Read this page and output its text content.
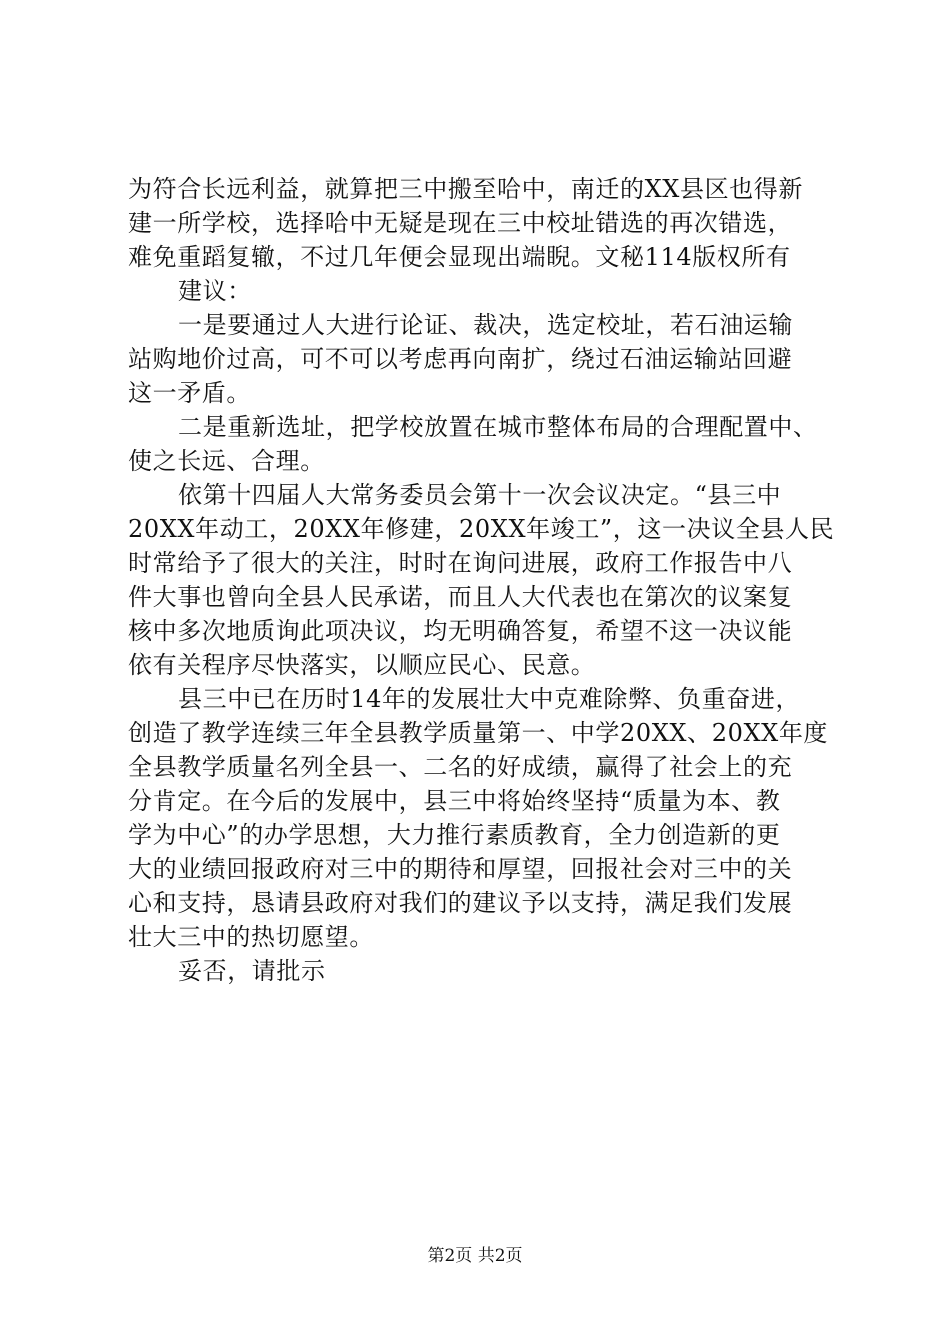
为符合长远利益，就算把三中搬至哈中，南迁的XX县区也得新
建一所学校，选择哈中无疑是现在三中校址错选的再次错选，
难免重蹈复辙，不过几年便会显现出端睨。文秘114版权所有
建议：
一是要通过人大进行论证、裁决，选定校址，若石油运输
站购地价过高，可不可以考虑再向南扩，绕过石油运输站回避
这一矛盾。
二是重新选址，把学校放置在城市整体布局的合理配置中、
使之长远、合理。
依第十四届人大常务委员会第十一次会议决定。“县三中
20XX年动工，20XX年修建，20XX年竣工”，这一决议全县人民
时常给予了很大的关注，时时在询问进展，政府工作报告中八
件大事也曾向全县人民承诺，而且人大代表也在第次的议案复
核中多次地质询此项决议，均无明确答复，希望不这一决议能
依有关程序尽快落实，以顺应民心、民意。
县三中已在历时14年的发展壮大中克难除弊、负重奋进，
创造了教学连续三年全县教学质量第一、中学20XX、20XX年度
全县教学质量名列全县一、二名的好成绩，赢得了社会上的充
分肯定。在今后的发展中，县三中将始终坚持“质量为本、教
学为中心”的办学思想，大力推行素质教育，全力创造新的更
大的业绩回报政府对三中的期待和厚望，回报社会对三中的关
心和支持，恳请县政府对我们的建议予以支持，满足我们发展
壮大三中的热切愿望。
妥否，请批示
第2页 共2页
